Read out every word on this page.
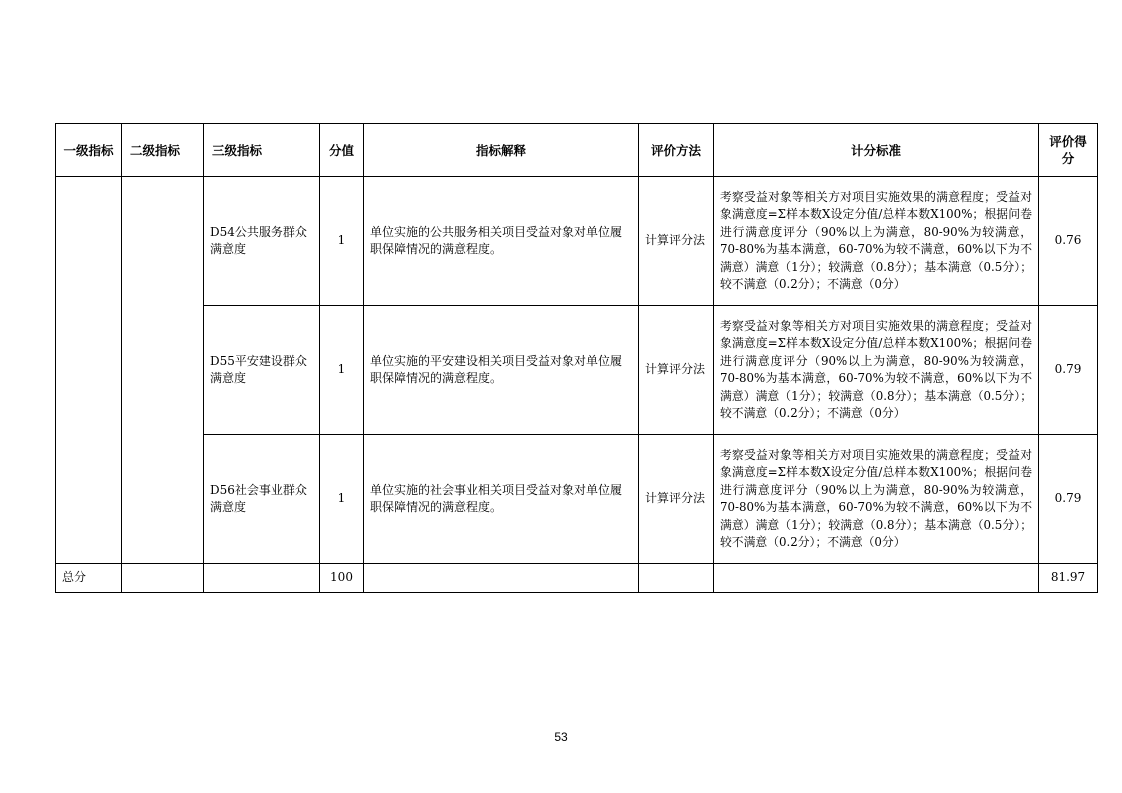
一级指标	二级指标	三级指标	分值	指标解释	评价方法	计分标准	评价得分
		D54公共服务群众满意度	1	单位实施的公共服务相关项目受益对象对单位履职保障情况的满意程度。	计算评分法	考察受益对象等相关方对项目实施效果的满意程度；受益对象满意度=Σ样本数X设定分值/总样本数X100%；根据问卷进行满意度评分（90%以上为满意，80-90%为较满意，70-80%为基本满意，60-70%为较不满意，60%以下为不满意）满意（1分）；较满意（0.8分）；基本满意（0.5分）；较不满意（0.2分）；不满意（0分）	0.76
		D55平安建设群众满意度	1	单位实施的平安建设相关项目受益对象对单位履职保障情况的满意程度。	计算评分法	考察受益对象等相关方对项目实施效果的满意程度；受益对象满意度=Σ样本数X设定分值/总样本数X100%；根据问卷进行满意度评分（90%以上为满意，80-90%为较满意，70-80%为基本满意，60-70%为较不满意，60%以下为不满意）满意（1分）；较满意（0.8分）；基本满意（0.5分）；较不满意（0.2分）；不满意（0分）	0.79
		D56社会事业群众满意度	1	单位实施的社会事业相关项目受益对象对单位履职保障情况的满意程度。	计算评分法	考察受益对象等相关方对项目实施效果的满意程度；受益对象满意度=Σ样本数X设定分值/总样本数X100%；根据问卷进行满意度评分（90%以上为满意，80-90%为较满意，70-80%为基本满意，60-70%为较不满意，60%以下为不满意）满意（1分）；较满意（0.8分）；基本满意（0.5分）；较不满意（0.2分）；不满意（0分）	0.79
总分			100				81.97
53
